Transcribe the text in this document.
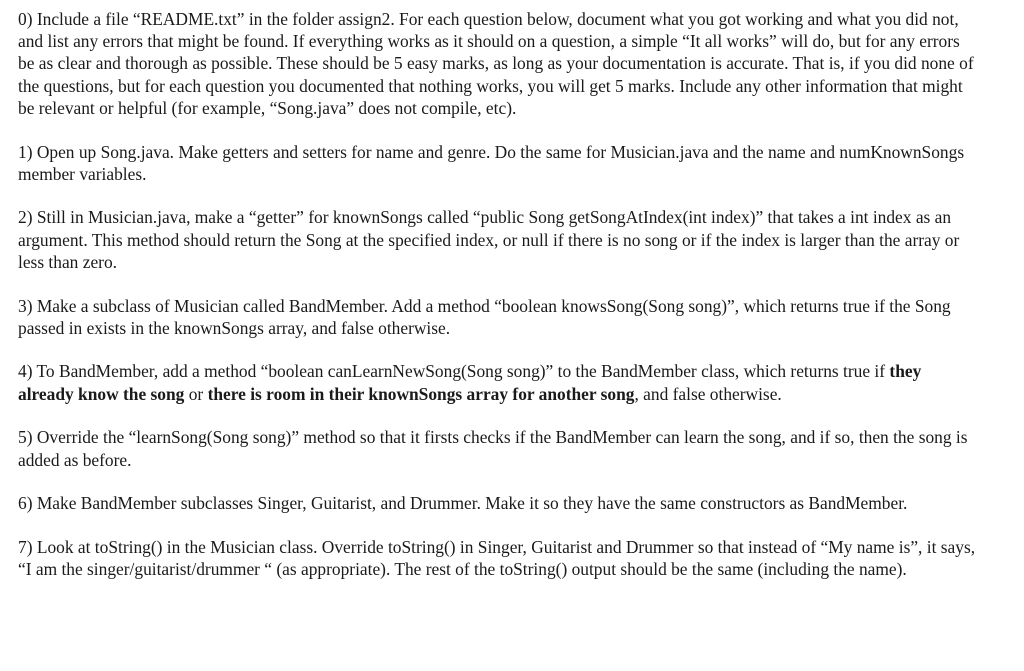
0) Include a file “README.txt” in the folder assign2. For each question below, document what you got working and what you did not, and list any errors that might be found. If everything works as it should on a question, a simple “It all works” will do, but for any errors be as clear and thorough as possible. These should be 5 easy marks, as long as your documentation is accurate. That is, if you did none of the questions, but for each question you documented that nothing works, you will get 5 marks. Include any other information that might be relevant or helpful (for example, “Song.java” does not compile, etc).

1) Open up Song.java. Make getters and setters for name and genre. Do the same for Musician.java and the name and numKnownSongs member variables.

2) Still in Musician.java, make a “getter” for knownSongs called “public Song getSongAtIndex(int index)” that takes a int index as an argument. This method should return the Song at the specified index, or null if there is no song or if the index is larger than the array or less than zero.

3) Make a subclass of Musician called BandMember. Add a method “boolean knowsSong(Song song)”, which returns true if the Song passed in exists in the knownSongs array, and false otherwise.

4) To BandMember, add a method “boolean canLearnNewSong(Song song)” to the BandMember class, which returns true if they already know the song or there is room in their knownSongs array for another song, and false otherwise.

5) Override the “learnSong(Song song)” method so that it firsts checks if the BandMember can learn the song, and if so, then the song is added as before.

6) Make BandMember subclasses Singer, Guitarist, and Drummer. Make it so they have the same constructors as BandMember.

7) Look at toString() in the Musician class. Override toString() in Singer, Guitarist and Drummer so that instead of “My name is”, it says, “I am the singer/guitarist/drummer “ (as appropriate). The rest of the toString() output should be the same (including the name).
